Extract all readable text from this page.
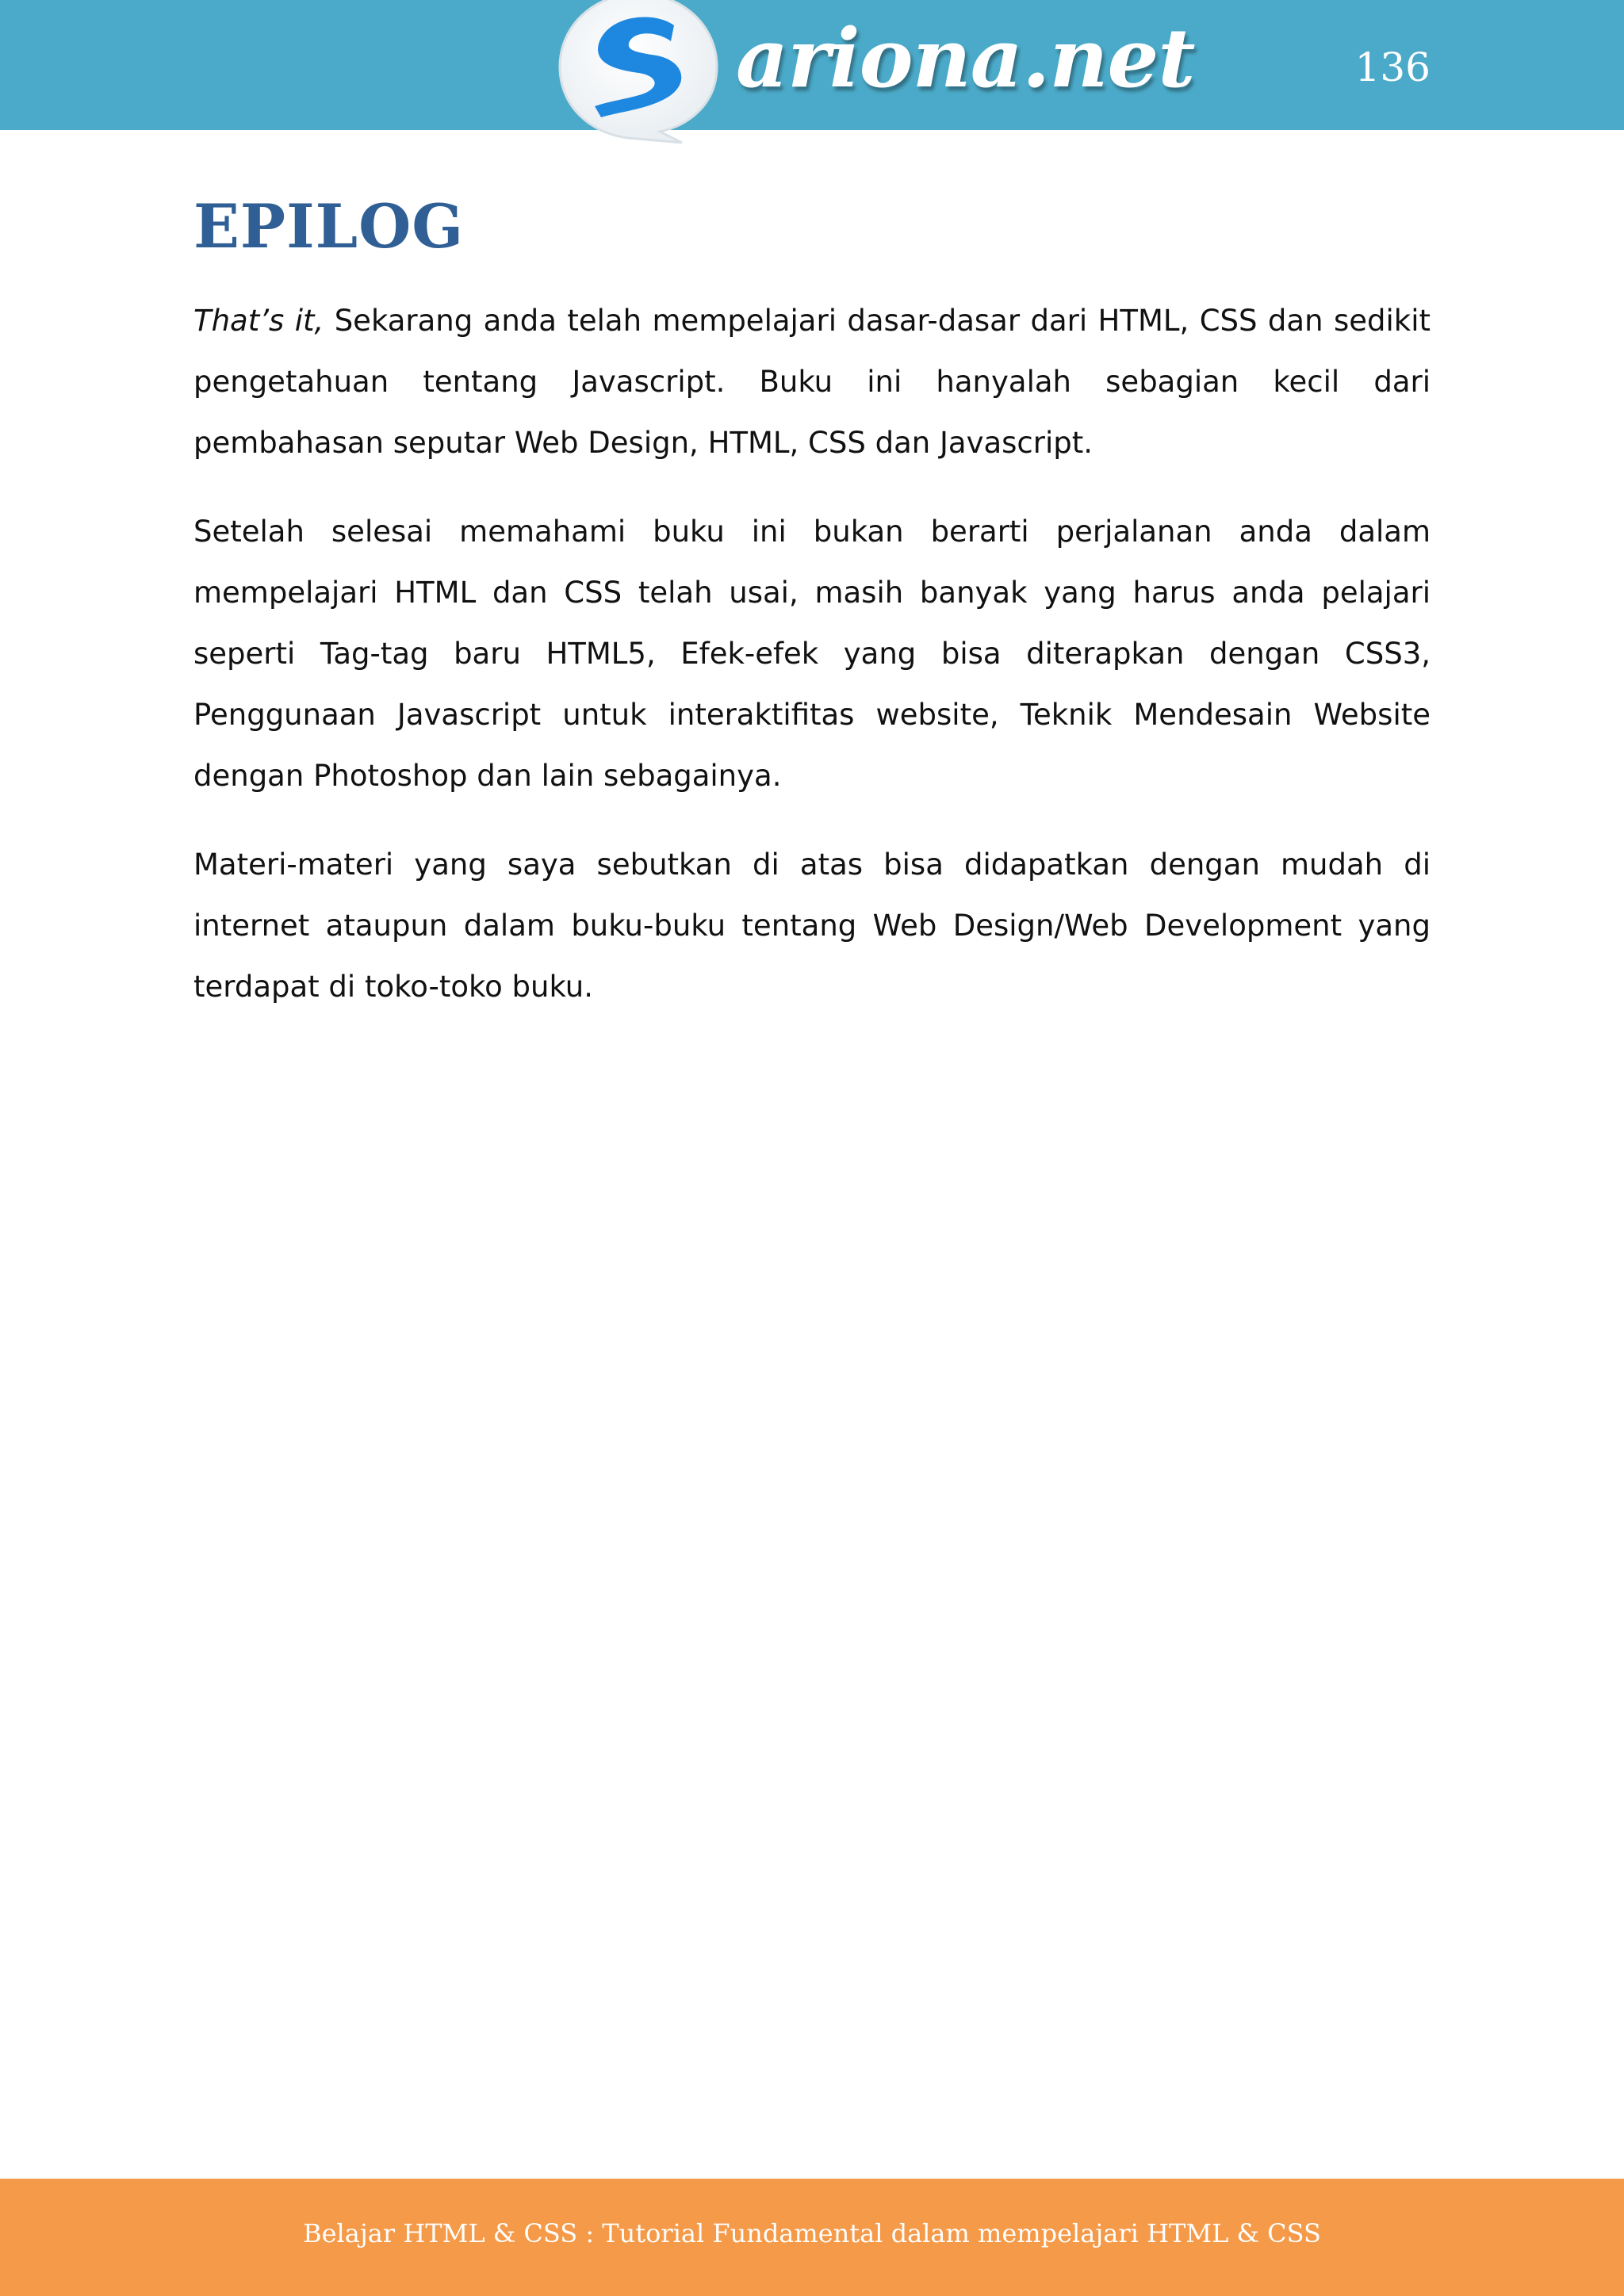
ariona.net	136
EPILOG

That’s it, Sekarang anda telah mempelajari dasar-dasar dari HTML, CSS dan sedikit pengetahuan tentang Javascript. Buku ini hanyalah sebagian kecil dari pembahasan seputar Web Design, HTML, CSS dan Javascript.

Setelah selesai memahami buku ini bukan berarti perjalanan anda dalam mempelajari HTML dan CSS telah usai, masih banyak yang harus anda pelajari seperti Tag-tag baru HTML5, Efek-efek yang bisa diterapkan dengan CSS3, Penggunaan Javascript untuk interaktifitas website, Teknik Mendesain Website dengan Photoshop dan lain sebagainya.

Materi-materi yang saya sebutkan di atas bisa didapatkan dengan mudah di internet ataupun dalam buku-buku tentang Web Design/Web Development yang terdapat di toko-toko buku.

Belajar HTML & CSS : Tutorial Fundamental dalam mempelajari HTML & CSS
